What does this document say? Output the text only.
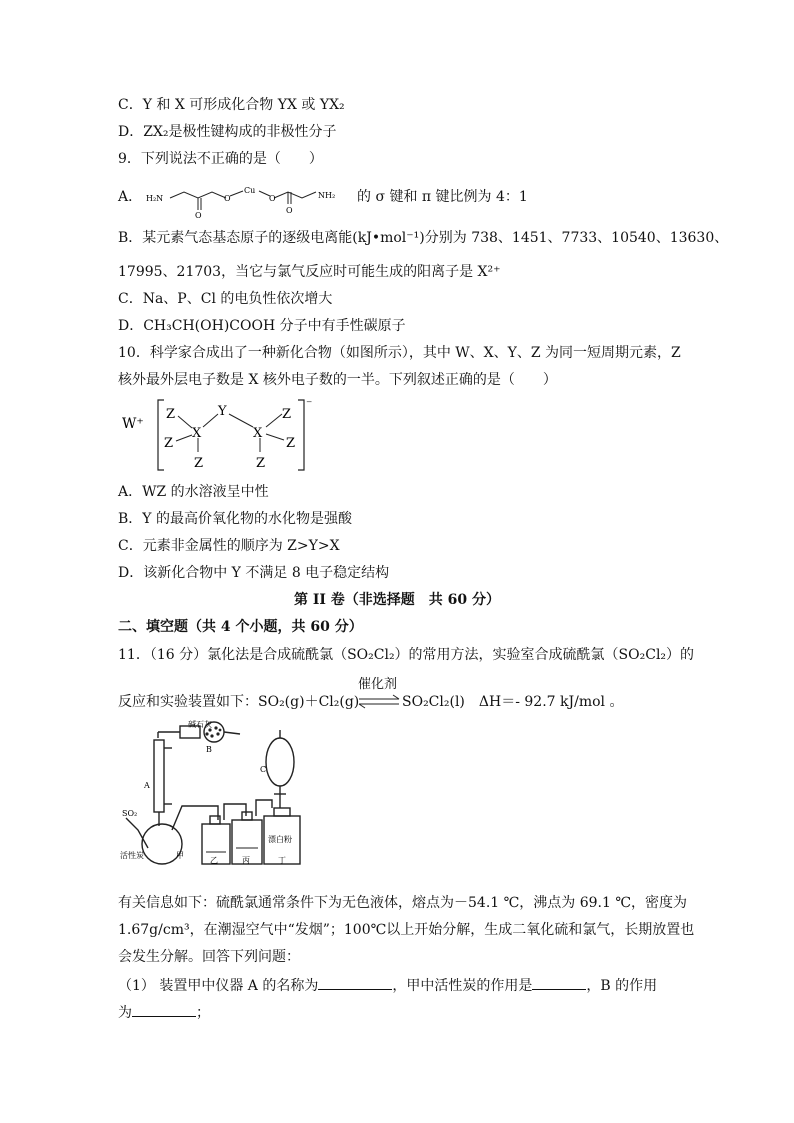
C．Y 和 X 可形成化合物 YX 或 YX₂
D．ZX₂是极性键构成的非极性分子
9．下列说法不正确的是（　　）
A． H₂N	O
Cu
O
O
O
NH₂ 的 σ 键和 π 键比例为 4：1
B．某元素气态基态原子的逐级电离能(kJ•mol⁻¹)分别为 738、1451、7733、10540、13630、
17995、21703，当它与氯气反应时可能生成的阳离子是 X²⁺
C．Na、P、Cl 的电负性依次增大
D．CH₃CH(OH)COOH 分子中有手性碳原子
10．科学家合成出了一种新化合物（如图所示），其中 W、X、Y、Z 为同一短周期元素，Z
核外最外层电子数是 X 核外电子数的一半。下列叙述正确的是（　　）
W⁺
Z
Z
X
Z
Y
X
Z
Z
Z
⁻
A．WZ 的水溶液呈中性
B．Y 的最高价氧化物的水化物是强酸
C．元素非金属性的顺序为 Z>Y>X
D．该新化合物中 Y 不满足 8 电子稳定结构
第 II 卷（非选择题　共 60 分）
二、填空题（共 4 个小题，共 60 分）
11．（16 分）氯化法是合成硫酰氯（SO₂Cl₂）的常用方法，实验室合成硫酰氯（SO₂Cl₂）的
催化剂
反应和实验装置如下：SO₂(g)＋Cl₂(g)	SO₂Cl₂(l)　ΔH＝- 92.7 kJ/mol 。
碱石灰
B
A
C
SO₂
活性炭	甲
乙	丙	丁
漂白粉
有关信息如下：硫酰氯通常条件下为无色液体，熔点为－54.1 ℃，沸点为 69.1 ℃，密度为
1.67g/cm³，在潮湿空气中“发烟”；100℃以上开始分解，生成二氧化硫和氯气，长期放置也
会发生分解。回答下列问题：
（1） 装置甲中仪器 A 的名称为	，甲中活性炭的作用是	，B 的作用
为	；
